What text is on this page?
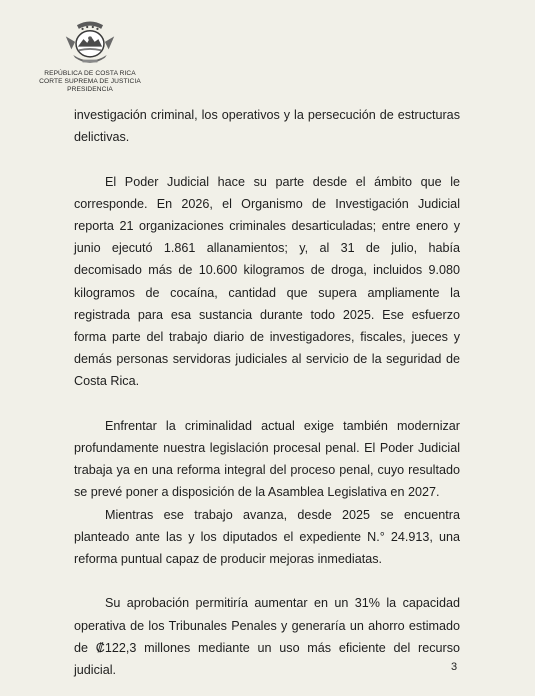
REPÚBLICA DE COSTA RICA
CORTE SUPREMA DE JUSTICIA
PRESIDENCIA

investigación criminal, los operativos y la persecución de estructuras delictivas.

El Poder Judicial hace su parte desde el ámbito que le corresponde. En 2026, el Organismo de Investigación Judicial reporta 21 organizaciones criminales desarticuladas; entre enero y junio ejecutó 1.861 allanamientos; y, al 31 de julio, había decomisado más de 10.600 kilogramos de droga, incluidos 9.080 kilogramos de cocaína, cantidad que supera ampliamente la registrada para esa sustancia durante todo 2025. Ese esfuerzo forma parte del trabajo diario de investigadores, fiscales, jueces y demás personas servidoras judiciales al servicio de la seguridad de Costa Rica.

Enfrentar la criminalidad actual exige también modernizar profundamente nuestra legislación procesal penal. El Poder Judicial trabaja ya en una reforma integral del proceso penal, cuyo resultado se prevé poner a disposición de la Asamblea Legislativa en 2027.

Mientras ese trabajo avanza, desde 2025 se encuentra planteado ante las y los diputados el expediente N.° 24.913, una reforma puntual capaz de producir mejoras inmediatas.

Su aprobación permitiría aumentar en un 31% la capacidad operativa de los Tribunales Penales y generaría un ahorro estimado de ₡122,3 millones mediante un uso más eficiente del recurso judicial.	3
